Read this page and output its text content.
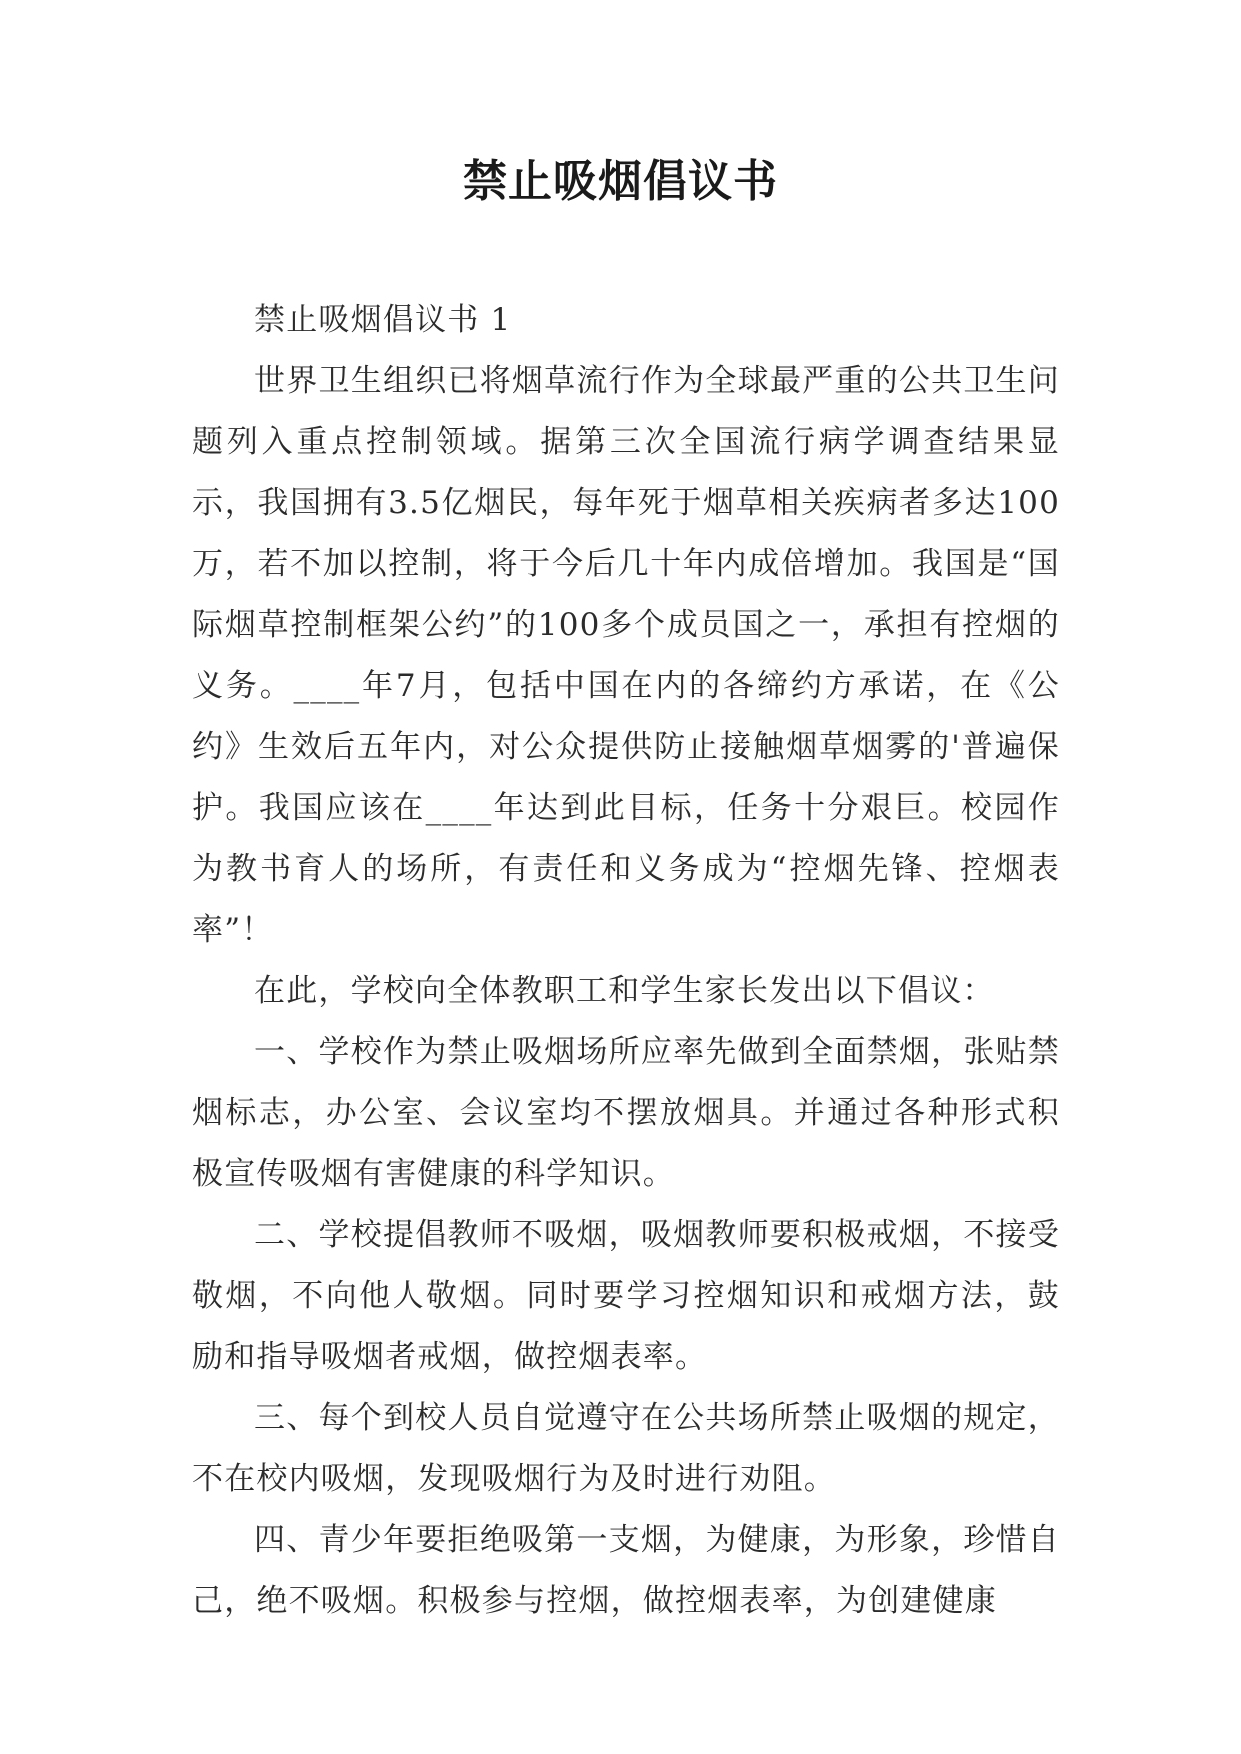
禁止吸烟倡议书

禁止吸烟倡议书 1

世界卫生组织已将烟草流行作为全球最严重的公共卫生问题列入重点控制领域。据第三次全国流行病学调查结果显示，我国拥有3.5亿烟民，每年死于烟草相关疾病者多达100万，若不加以控制，将于今后几十年内成倍增加。我国是“国际烟草控制框架公约”的100多个成员国之一，承担有控烟的义务。____年7月，包括中国在内的各缔约方承诺，在《公约》生效后五年内，对公众提供防止接触烟草烟雾的'普遍保护。我国应该在____年达到此目标，任务十分艰巨。校园作为教书育人的场所，有责任和义务成为“控烟先锋、控烟表率”！

在此，学校向全体教职工和学生家长发出以下倡议：

一、学校作为禁止吸烟场所应率先做到全面禁烟，张贴禁烟标志，办公室、会议室均不摆放烟具。并通过各种形式积极宣传吸烟有害健康的科学知识。

二、学校提倡教师不吸烟，吸烟教师要积极戒烟，不接受敬烟，不向他人敬烟。同时要学习控烟知识和戒烟方法，鼓励和指导吸烟者戒烟，做控烟表率。

三、每个到校人员自觉遵守在公共场所禁止吸烟的规定，不在校内吸烟，发现吸烟行为及时进行劝阻。

四、青少年要拒绝吸第一支烟，为健康，为形象，珍惜自己，绝不吸烟。积极参与控烟，做控烟表率，为创建健康
